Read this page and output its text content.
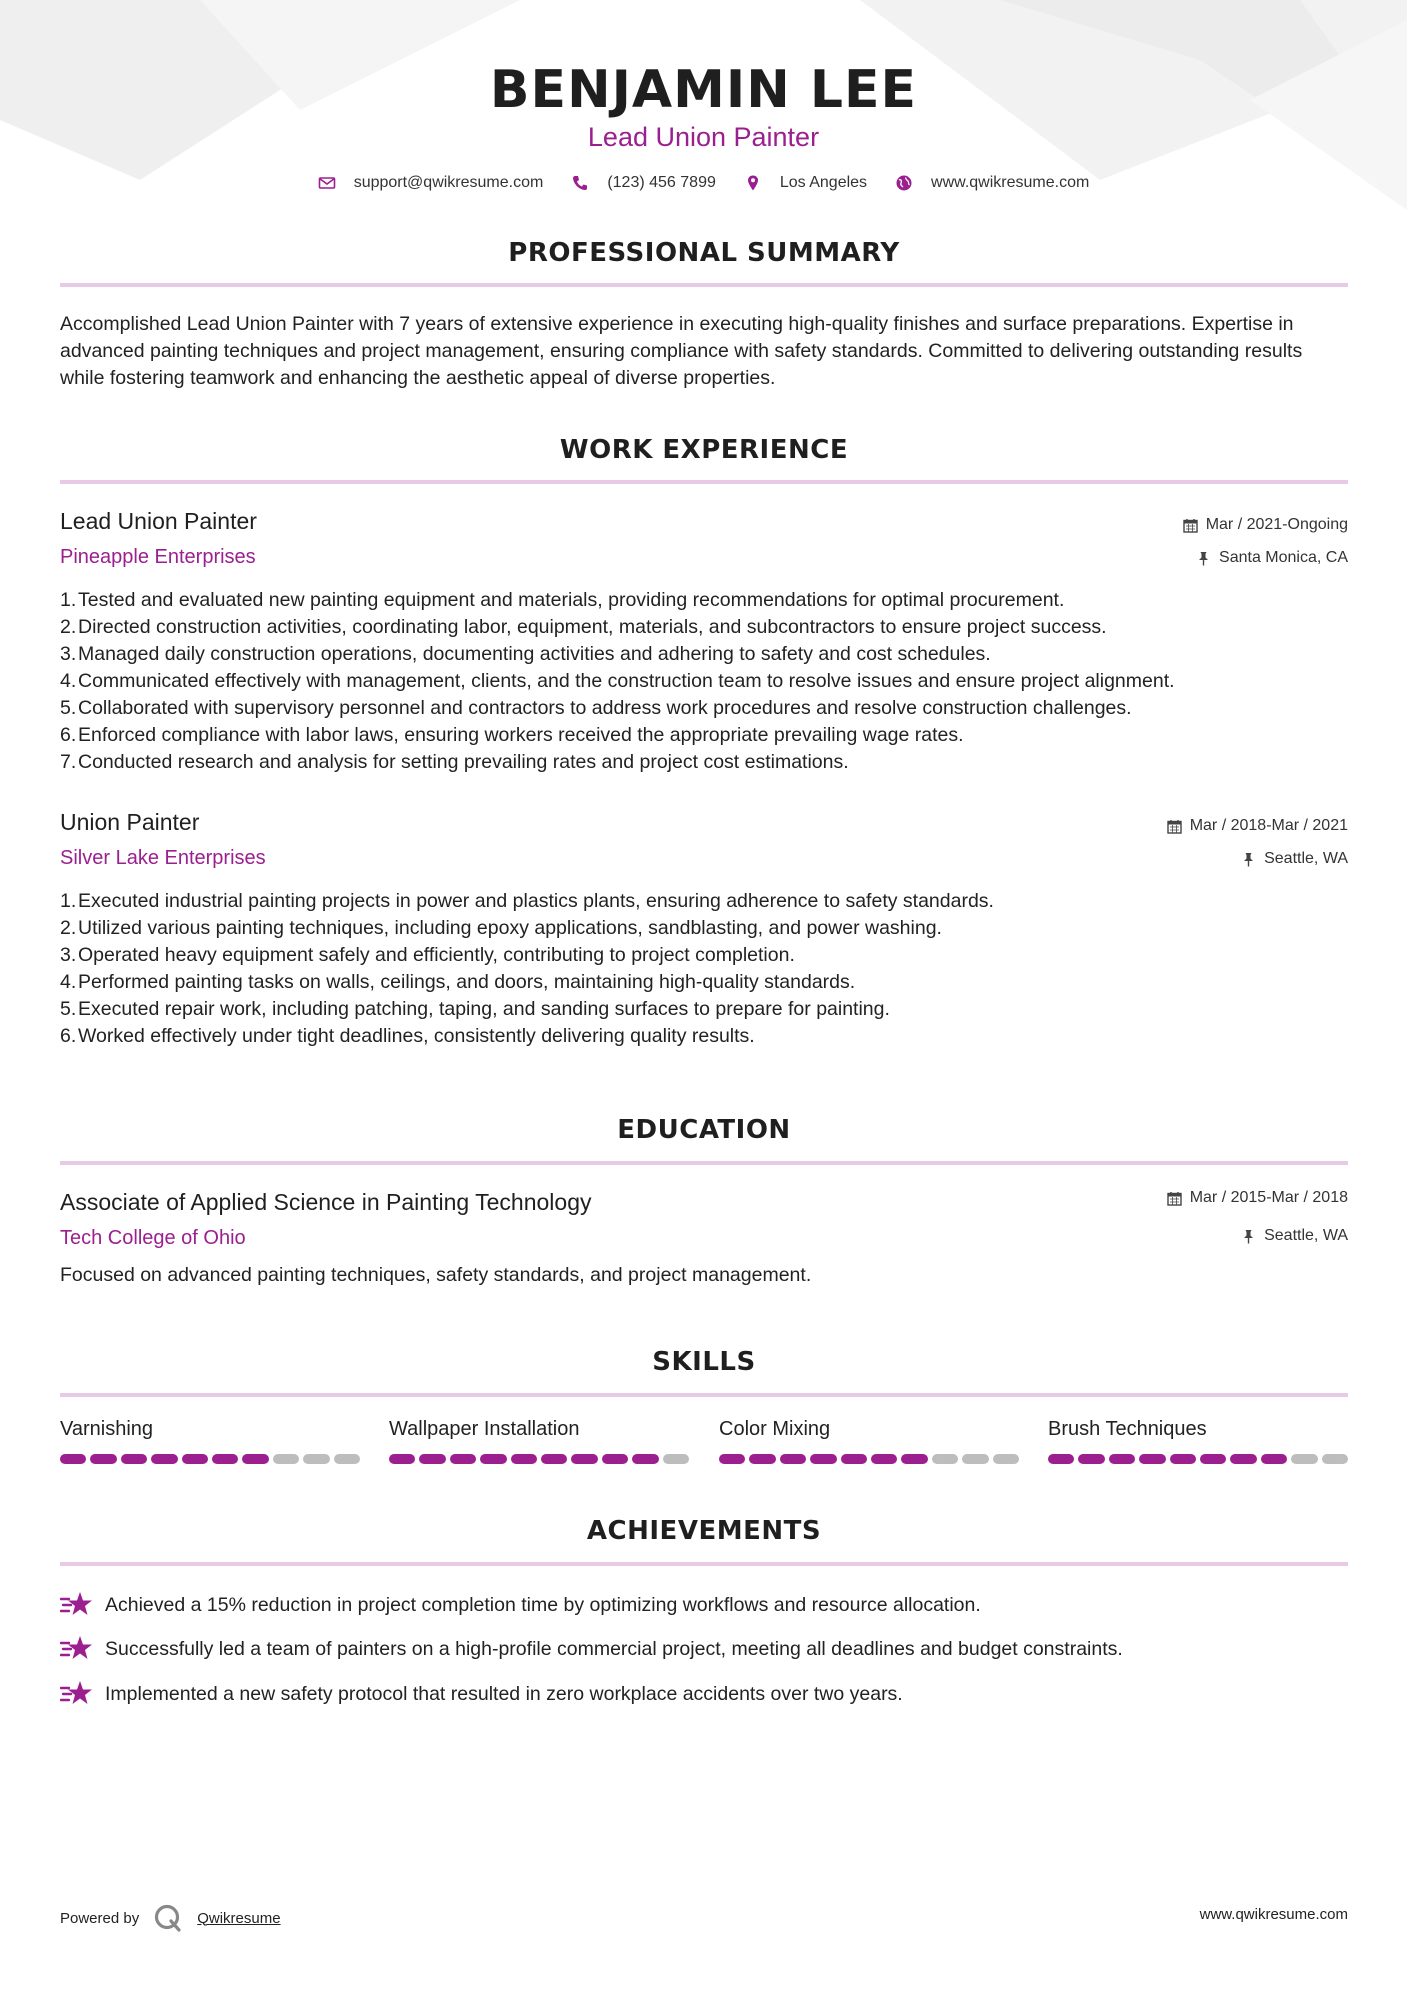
BENJAMIN LEE
Lead Union Painter
support@qwikresume.com	(123) 456 7899	Los Angeles	www.qwikresume.com
PROFESSIONAL SUMMARY
Accomplished Lead Union Painter with 7 years of extensive experience in executing high-quality finishes and surface preparations. Expertise in advanced painting techniques and project management, ensuring compliance with safety standards. Committed to delivering outstanding results while fostering teamwork and enhancing the aesthetic appeal of diverse properties.
WORK EXPERIENCE
Lead Union Painter
Pineapple Enterprises
Mar / 2021-Ongoing
Santa Monica, CA
1. Tested and evaluated new painting equipment and materials, providing recommendations for optimal procurement.
2. Directed construction activities, coordinating labor, equipment, materials, and subcontractors to ensure project success.
3. Managed daily construction operations, documenting activities and adhering to safety and cost schedules.
4. Communicated effectively with management, clients, and the construction team to resolve issues and ensure project alignment.
5. Collaborated with supervisory personnel and contractors to address work procedures and resolve construction challenges.
6. Enforced compliance with labor laws, ensuring workers received the appropriate prevailing wage rates.
7. Conducted research and analysis for setting prevailing rates and project cost estimations.
Union Painter
Silver Lake Enterprises
Mar / 2018-Mar / 2021
Seattle, WA
1. Executed industrial painting projects in power and plastics plants, ensuring adherence to safety standards.
2. Utilized various painting techniques, including epoxy applications, sandblasting, and power washing.
3. Operated heavy equipment safely and efficiently, contributing to project completion.
4. Performed painting tasks on walls, ceilings, and doors, maintaining high-quality standards.
5. Executed repair work, including patching, taping, and sanding surfaces to prepare for painting.
6. Worked effectively under tight deadlines, consistently delivering quality results.
EDUCATION
Associate of Applied Science in Painting Technology
Tech College of Ohio
Mar / 2015-Mar / 2018
Seattle, WA
Focused on advanced painting techniques, safety standards, and project management.
SKILLS
Varnishing	Wallpaper Installation	Color Mixing	Brush Techniques
ACHIEVEMENTS
Achieved a 15% reduction in project completion time by optimizing workflows and resource allocation.
Successfully led a team of painters on a high-profile commercial project, meeting all deadlines and budget constraints.
Implemented a new safety protocol that resulted in zero workplace accidents over two years.
Powered by	Qwikresume	www.qwikresume.com
